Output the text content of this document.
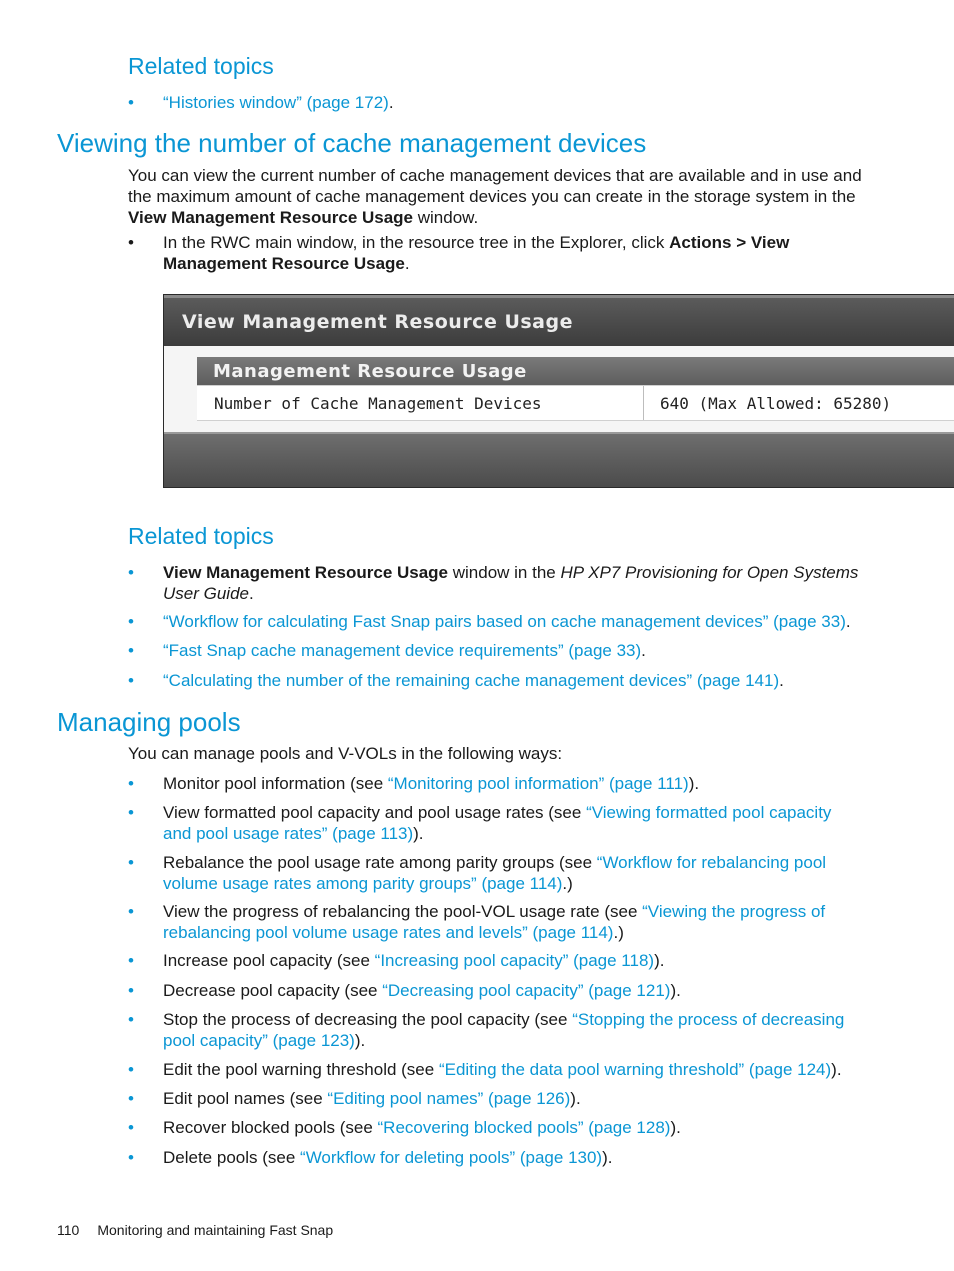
Related topics
•	“Histories window” (page 172).
Viewing the number of cache management devices
You can view the current number of cache management devices that are available and in use and the maximum amount of cache management devices you can create in the storage system in the View Management Resource Usage window.
•	In the RWC main window, in the resource tree in the Explorer, click Actions > View Management Resource Usage.
View Management Resource Usage
Management Resource Usage
Number of Cache Management Devices	640 (Max Allowed: 65280)
Related topics
•	View Management Resource Usage window in the HP XP7 Provisioning for Open Systems User Guide.
•	“Workflow for calculating Fast Snap pairs based on cache management devices” (page 33).
•	“Fast Snap cache management device requirements” (page 33).
•	“Calculating the number of the remaining cache management devices” (page 141).
Managing pools
You can manage pools and V-VOLs in the following ways:
•	Monitor pool information (see “Monitoring pool information” (page 111)).
•	View formatted pool capacity and pool usage rates (see “Viewing formatted pool capacity and pool usage rates” (page 113)).
•	Rebalance the pool usage rate among parity groups (see “Workflow for rebalancing pool volume usage rates among parity groups” (page 114).)
•	View the progress of rebalancing the pool-VOL usage rate (see “Viewing the progress of rebalancing pool volume usage rates and levels” (page 114).)
•	Increase pool capacity (see “Increasing pool capacity” (page 118)).
•	Decrease pool capacity (see “Decreasing pool capacity” (page 121)).
•	Stop the process of decreasing the pool capacity (see “Stopping the process of decreasing pool capacity” (page 123)).
•	Edit the pool warning threshold (see “Editing the data pool warning threshold” (page 124)).
•	Edit pool names (see “Editing pool names” (page 126)).
•	Recover blocked pools (see “Recovering blocked pools” (page 128)).
•	Delete pools (see “Workflow for deleting pools” (page 130)).
110 Monitoring and maintaining Fast Snap
